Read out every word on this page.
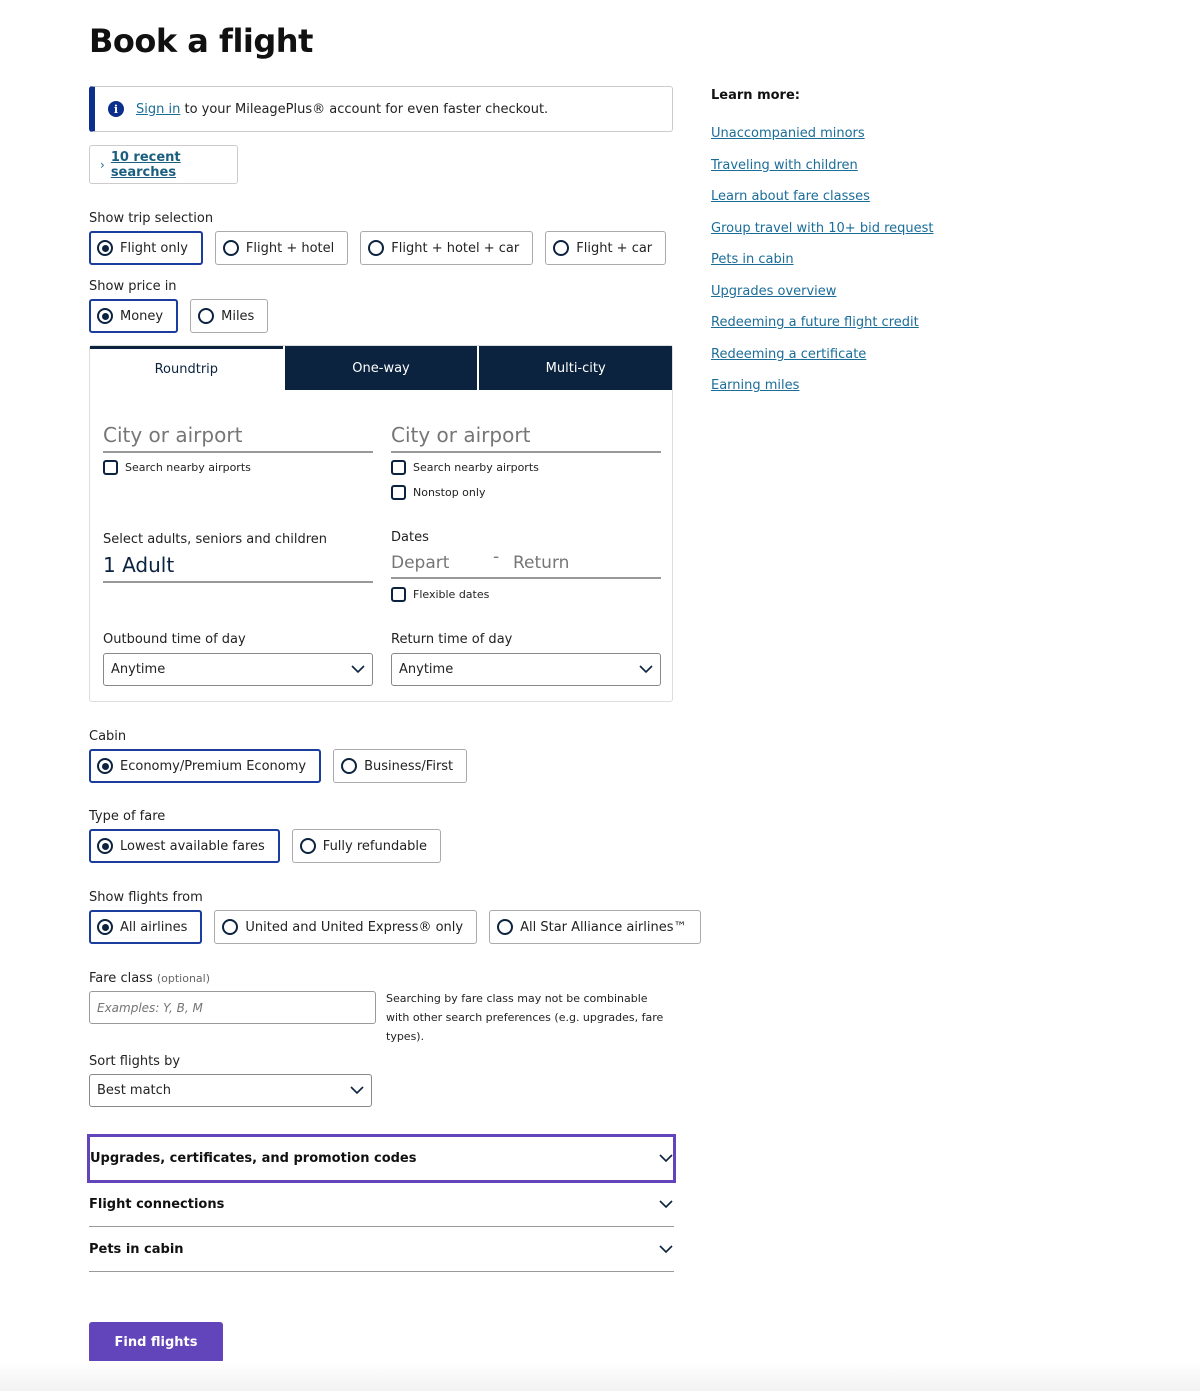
Book a flight
i	Sign in to your MileagePlus® account for even faster checkout.
› 10 recent searches
Show trip selection
Flight only	Flight + hotel	Flight + hotel + car	Flight + car
Show price in
Money	Miles
Roundtrip	One-way	Multi-city
City or airport	City or airport
Search nearby airports	Search nearby airports
Nonstop only
Select adults, seniors and children
1 Adult
Dates
Depart	- Return
Flexible dates
Outbound time of day
Anytime
Return time of day
Anytime
Cabin
Economy/Premium Economy	Business/First
Type of fare
Lowest available fares	Fully refundable
Show flights from
All airlines	United and United Express® only	All Star Alliance airlines™
Fare class (optional)
Examples: Y, B, M
Searching by fare class may not be combinable with other search preferences (e.g. upgrades, fare types).
Sort flights by
Best match
Upgrades, certificates, and promotion codes
Flight connections
Pets in cabin
Find flights
Learn more:
Unaccompanied minors
Traveling with children
Learn about fare classes
Group travel with 10+ bid request
Pets in cabin
Upgrades overview
Redeeming a future flight credit
Redeeming a certificate
Earning miles
